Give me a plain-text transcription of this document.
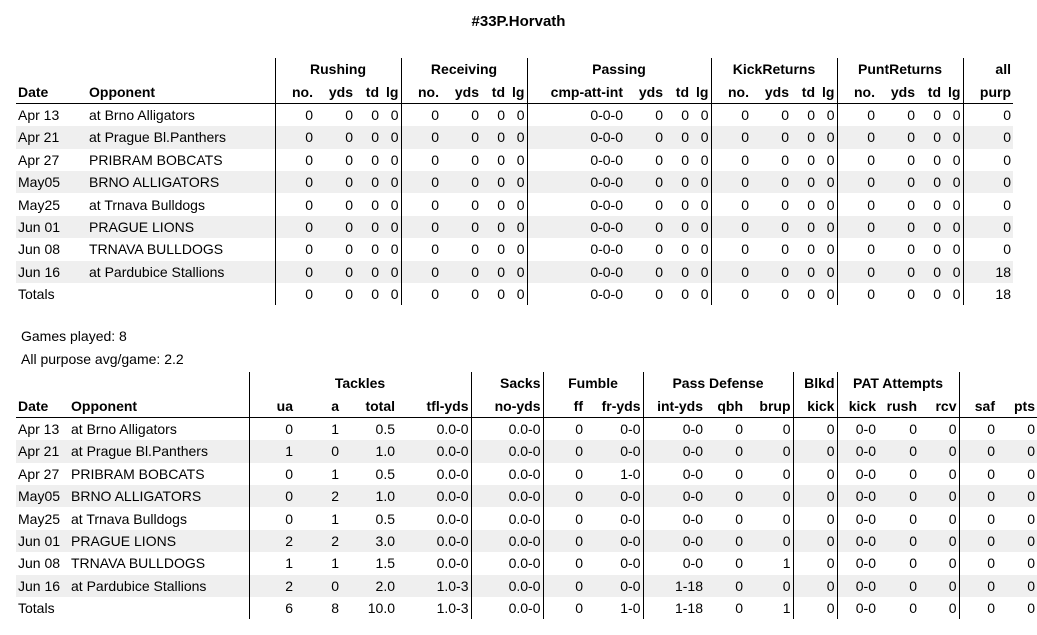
#33P.Horvath
		Rushing				Receiving				Passing				KickReturns				PuntReturns				all
Date	Opponent	no.	yds	td	lg	no.	yds	td	lg	cmp-att-int	yds	td	lg	no.	yds	td	lg	no.	yds	td	lg	purp
Apr 13	at Brno Alligators	0	0	0	0	0	0	0	0	0-0-0	0	0	0	0	0	0	0	0	0	0	0	0
Apr 21	at Prague Bl.Panthers	0	0	0	0	0	0	0	0	0-0-0	0	0	0	0	0	0	0	0	0	0	0	0
Apr 27	PRIBRAM BOBCATS	0	0	0	0	0	0	0	0	0-0-0	0	0	0	0	0	0	0	0	0	0	0	0
May05	BRNO ALLIGATORS	0	0	0	0	0	0	0	0	0-0-0	0	0	0	0	0	0	0	0	0	0	0	0
May25	at Trnava Bulldogs	0	0	0	0	0	0	0	0	0-0-0	0	0	0	0	0	0	0	0	0	0	0	0
Jun 01	PRAGUE LIONS	0	0	0	0	0	0	0	0	0-0-0	0	0	0	0	0	0	0	0	0	0	0	0
Jun 08	TRNAVA BULLDOGS	0	0	0	0	0	0	0	0	0-0-0	0	0	0	0	0	0	0	0	0	0	0	0
Jun 16	at Pardubice Stallions	0	0	0	0	0	0	0	0	0-0-0	0	0	0	0	0	0	0	0	0	0	0	18
Totals		0	0	0	0	0	0	0	0	0-0-0	0	0	0	0	0	0	0	0	0	0	0	18
Games played: 8
All purpose avg/game: 2.2
		Tackles				Sacks	Fumble		Pass Defense			Blkd	PAT Attempts				
Date	Opponent	ua	a	total	tfl-yds	no-yds	ff	fr-yds	int-yds	qbh	brup	kick	kick	rush	rcv	saf	pts
Apr 13	at Brno Alligators	0	1	0.5	0.0-0	0.0-0	0	0-0	0-0	0	0	0	0-0	0	0	0	0
Apr 21	at Prague Bl.Panthers	1	0	1.0	0.0-0	0.0-0	0	0-0	0-0	0	0	0	0-0	0	0	0	0
Apr 27	PRIBRAM BOBCATS	0	1	0.5	0.0-0	0.0-0	0	1-0	0-0	0	0	0	0-0	0	0	0	0
May05	BRNO ALLIGATORS	0	2	1.0	0.0-0	0.0-0	0	0-0	0-0	0	0	0	0-0	0	0	0	0
May25	at Trnava Bulldogs	0	1	0.5	0.0-0	0.0-0	0	0-0	0-0	0	0	0	0-0	0	0	0	0
Jun 01	PRAGUE LIONS	2	2	3.0	0.0-0	0.0-0	0	0-0	0-0	0	0	0	0-0	0	0	0	0
Jun 08	TRNAVA BULLDOGS	1	1	1.5	0.0-0	0.0-0	0	0-0	0-0	0	1	0	0-0	0	0	0	0
Jun 16	at Pardubice Stallions	2	0	2.0	1.0-3	0.0-0	0	0-0	1-18	0	0	0	0-0	0	0	0	0
Totals		6	8	10.0	1.0-3	0.0-0	0	1-0	1-18	0	1	0	0-0	0	0	0	0
